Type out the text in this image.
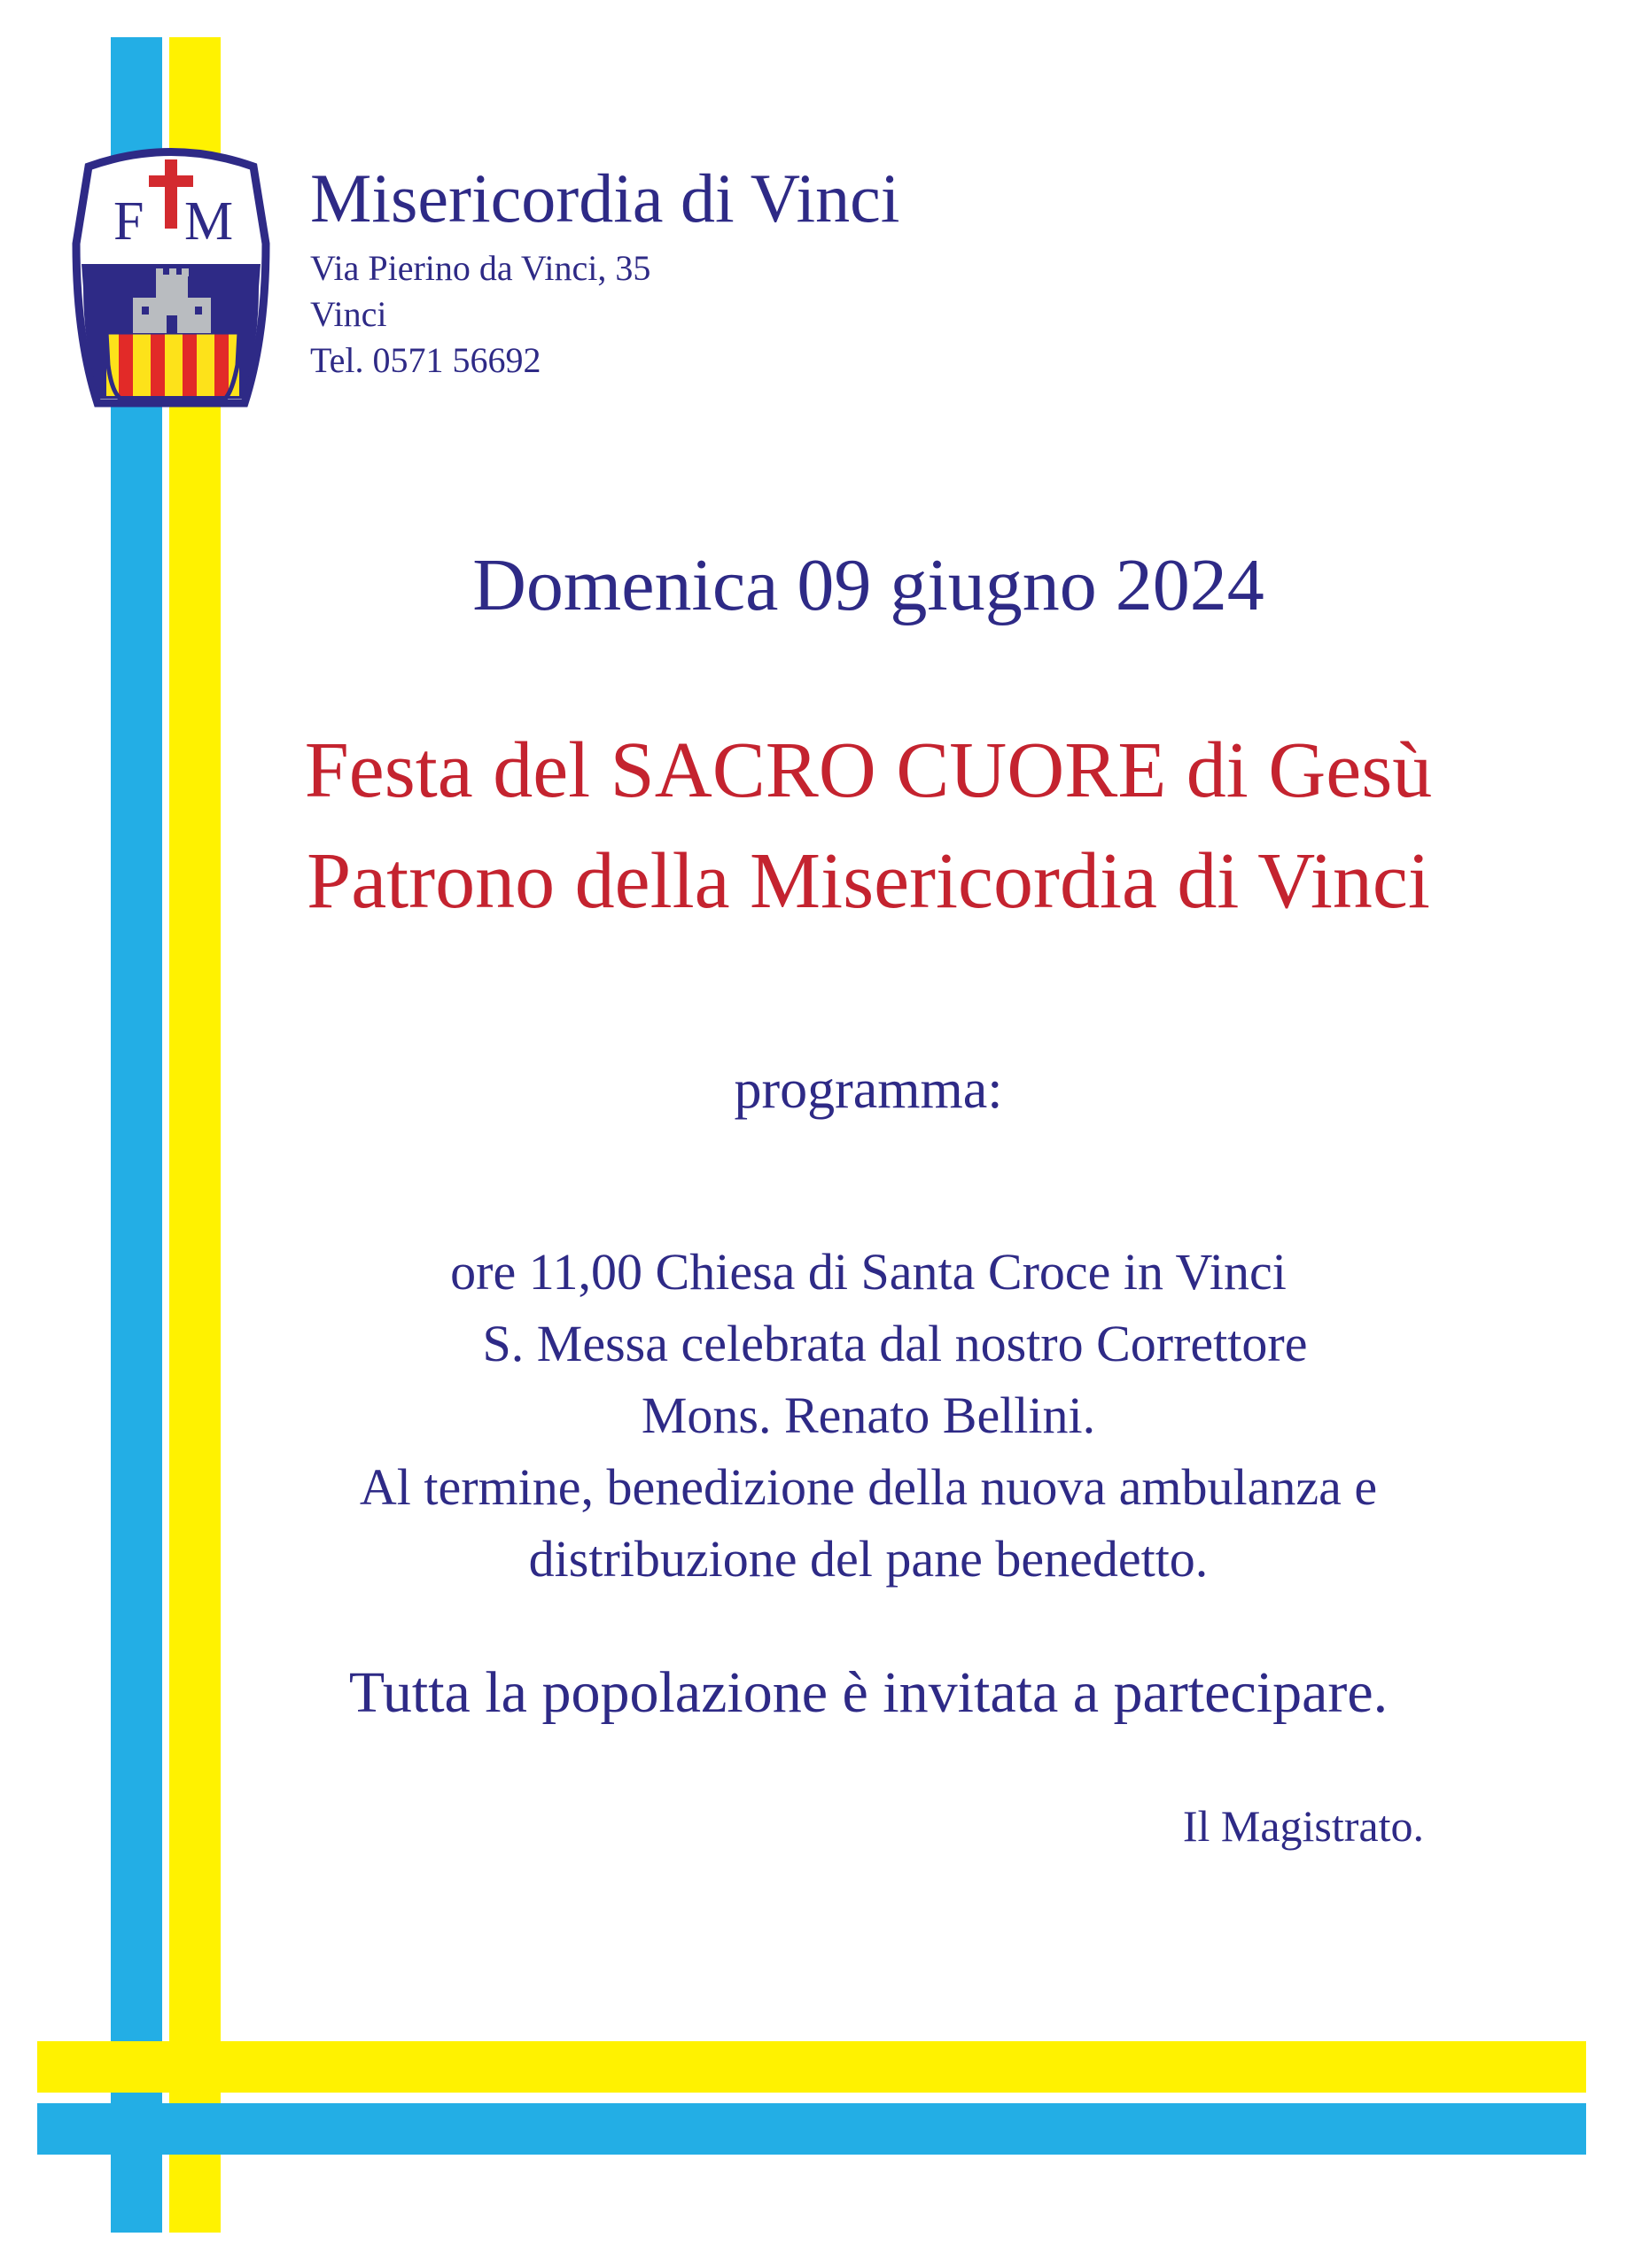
F M Misericordia di Vinci
Via Pierino da Vinci, 35
Vinci
Tel. 0571 56692
Domenica 09 giugno 2024
Festa del SACRO CUORE di Gesù
Patrono della Misericordia di Vinci
programma:
ore 11,00 Chiesa di Santa Croce in Vinci
S. Messa celebrata dal nostro Correttore
Mons. Renato Bellini.
Al termine, benedizione della nuova ambulanza e
distribuzione del pane benedetto.
Tutta la popolazione è invitata a partecipare.
Il Magistrato.
